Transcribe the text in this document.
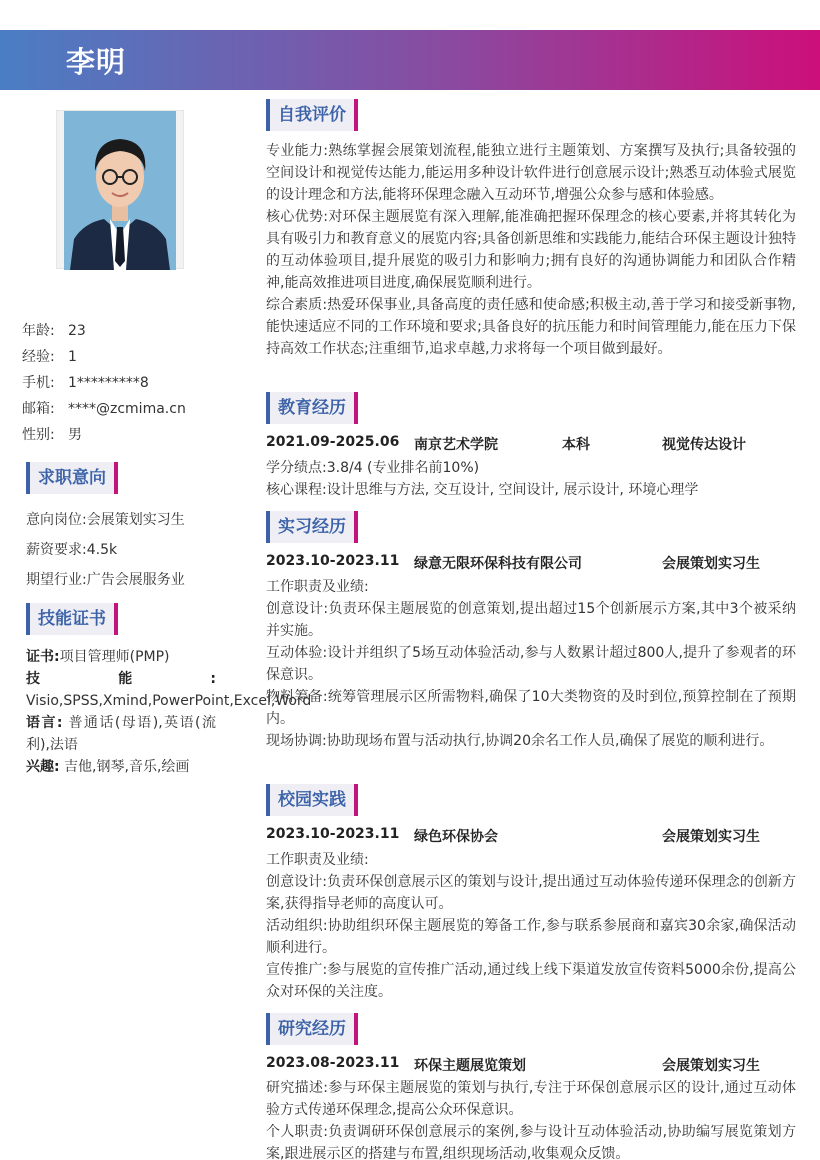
李明
年龄: 23
经验: 1
手机: 1*********8
邮箱: ****@zcmima.cn
性别: 男
求职意向
意向岗位:会展策划实习生
薪资要求:4.5k
期望行业:广告会展服务业
技能证书

证书:项目管理师(PMP)

技能: Visio,SPSS,Xmind,PowerPoint,Excel,Word

语言: 普通话(母语),英语(流利),法语

兴趣: 吉他,钢琴,音乐,绘画

自我评价

专业能力:熟练掌握会展策划流程,能独立进行主题策划、方案撰写及执行;具备较强的空间设计和视觉传达能力,能运用多种设计软件进行创意展示设计;熟悉互动体验式展览的设计理念和方法,能将环保理念融入互动环节,增强公众参与感和体验感。

核心优势:对环保主题展览有深入理解,能准确把握环保理念的核心要素,并将其转化为具有吸引力和教育意义的展览内容;具备创新思维和实践能力,能结合环保主题设计独特的互动体验项目,提升展览的吸引力和影响力;拥有良好的沟通协调能力和团队合作精神,能高效推进项目进度,确保展览顺利进行。

综合素质:热爱环保事业,具备高度的责任感和使命感;积极主动,善于学习和接受新事物,能快速适应不同的工作环境和要求;具备良好的抗压能力和时间管理能力,能在压力下保持高效工作状态;注重细节,追求卓越,力求将每一个项目做到最好。

教育经历
2021.09-2025.06 南京艺术学院	本科	视觉传达设计

学分绩点:3.8/4 (专业排名前10%)

核心课程:设计思维与方法, 交互设计, 空间设计, 展示设计, 环境心理学

实习经历
2023.10-2023.11 绿意无限环保科技有限公司	会展策划实习生

工作职责及业绩:

创意设计:负责环保主题展览的创意策划,提出超过15个创新展示方案,其中3个被采纳并实施。

互动体验:设计并组织了5场互动体验活动,参与人数累计超过800人,提升了参观者的环保意识。

物料筹备:统筹管理展示区所需物料,确保了10大类物资的及时到位,预算控制在了预期内。

现场协调:协助现场布置与活动执行,协调20余名工作人员,确保了展览的顺利进行。

校园实践
2023.10-2023.11 绿色环保协会	会展策划实习生

工作职责及业绩:

创意设计:负责环保创意展示区的策划与设计,提出通过互动体验传递环保理念的创新方案,获得指导老师的高度认可。

活动组织:协助组织环保主题展览的筹备工作,参与联系参展商和嘉宾30余家,确保活动顺利进行。

宣传推广:参与展览的宣传推广活动,通过线上线下渠道发放宣传资料5000余份,提高公众对环保的关注度。

研究经历
2023.08-2023.11 环保主题展览策划	会展策划实习生

研究描述:参与环保主题展览的策划与执行,专注于环保创意展示区的设计,通过互动体验方式传递环保理念,提高公众环保意识。

个人职责:负责调研环保创意展示的案例,参与设计互动体验活动,协助编写展览策划方案,跟进展示区的搭建与布置,组织现场活动,收集观众反馈。
